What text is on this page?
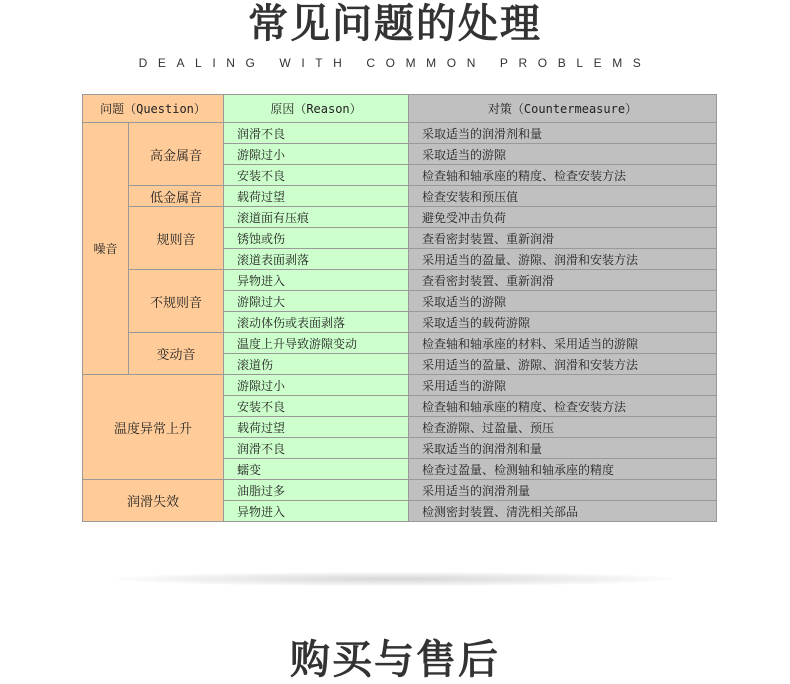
常见问题的处理
DEALING WITH COMMON PROBLEMS
问题（Question）		原因（Reason）	对策（Countermeasure）
噪音	高金属音	润滑不良	采取适当的润滑剂和量
		游隙过小	采取适当的游隙
		安装不良	检查轴和轴承座的精度、检查安装方法
	低金属音	载荷过望	检查安装和预压值
	规则音	滚道面有压痕	避免受冲击负荷
		锈蚀或伤	查看密封装置、重新润滑
		滚道表面剥落	采用适当的盈量、游隙、润滑和安装方法
	不规则音	异物进入	查看密封装置、重新润滑
		游隙过大	采取适当的游隙
		滚动体伤或表面剥落	采取适当的载荷游隙
	变动音	温度上升导致游隙变动	检查轴和轴承座的材料、采用适当的游隙
		滚道伤	采用适当的盈量、游隙、润滑和安装方法
温度异常上升		游隙过小	采用适当的游隙
		安装不良	检查轴和轴承座的精度、检查安装方法
		载荷过望	检查游隙、过盈量、预压
		润滑不良	采取适当的润滑剂和量
		蠕变	检查过盈量、检测轴和轴承座的精度
润滑失效		油脂过多	采用适当的润滑剂量
		异物进入	检测密封装置、清洗相关部品
购买与售后
